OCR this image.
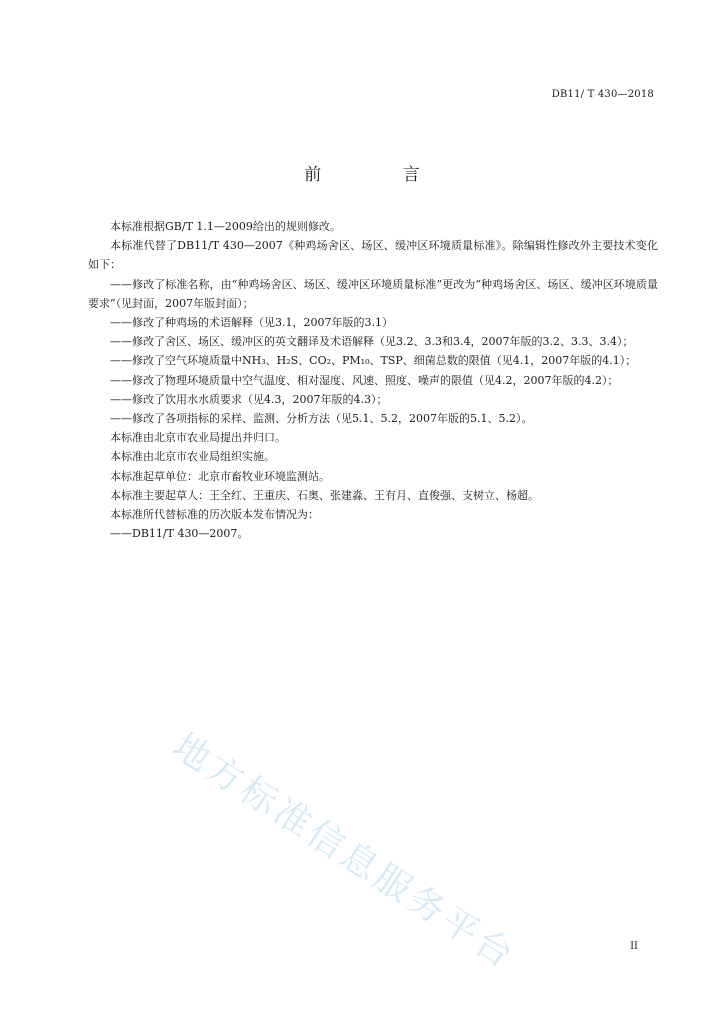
DB11/ T 430—2018
前 言

本标准根据GB/T 1.1—2009给出的规则修改。

本标准代替了DB11/T 430—2007《种鸡场舍区、场区、缓冲区环境质量标准》。除编辑性修改外主要技术变化如下：

——修改了标准名称，由“种鸡场舍区、场区、缓冲区环境质量标准”更改为“种鸡场舍区、场区、缓冲区环境质量要求”（见封面，2007年版封面）；

——修改了种鸡场的术语解释（见3.1，2007年版的3.1）

——修改了舍区、场区、缓冲区的英文翻译及术语解释（见3.2、3.3和3.4，2007年版的3.2、3.3、3.4）；

——修改了空气环境质量中NH₃、H₂S、CO₂、PM₁₀、TSP、细菌总数的限值（见4.1，2007年版的4.1）；

——修改了物理环境质量中空气温度、相对湿度、风速、照度、噪声的限值（见4.2，2007年版的4.2）；

——修改了饮用水水质要求（见4.3，2007年版的4.3）；

——修改了各项指标的采样、监测、分析方法（见5.1、5.2，2007年版的5.1、5.2）。

本标准由北京市农业局提出并归口。

本标准由北京市农业局组织实施。

本标准起草单位：北京市畜牧业环境监测站。

本标准主要起草人：王全红、王重庆、石奥、张建淼、王有月、直俊强、支树立、杨超。

本标准所代替标准的历次版本发布情况为：

——DB11/T 430—2007。

地方标准信息服务平台	II
